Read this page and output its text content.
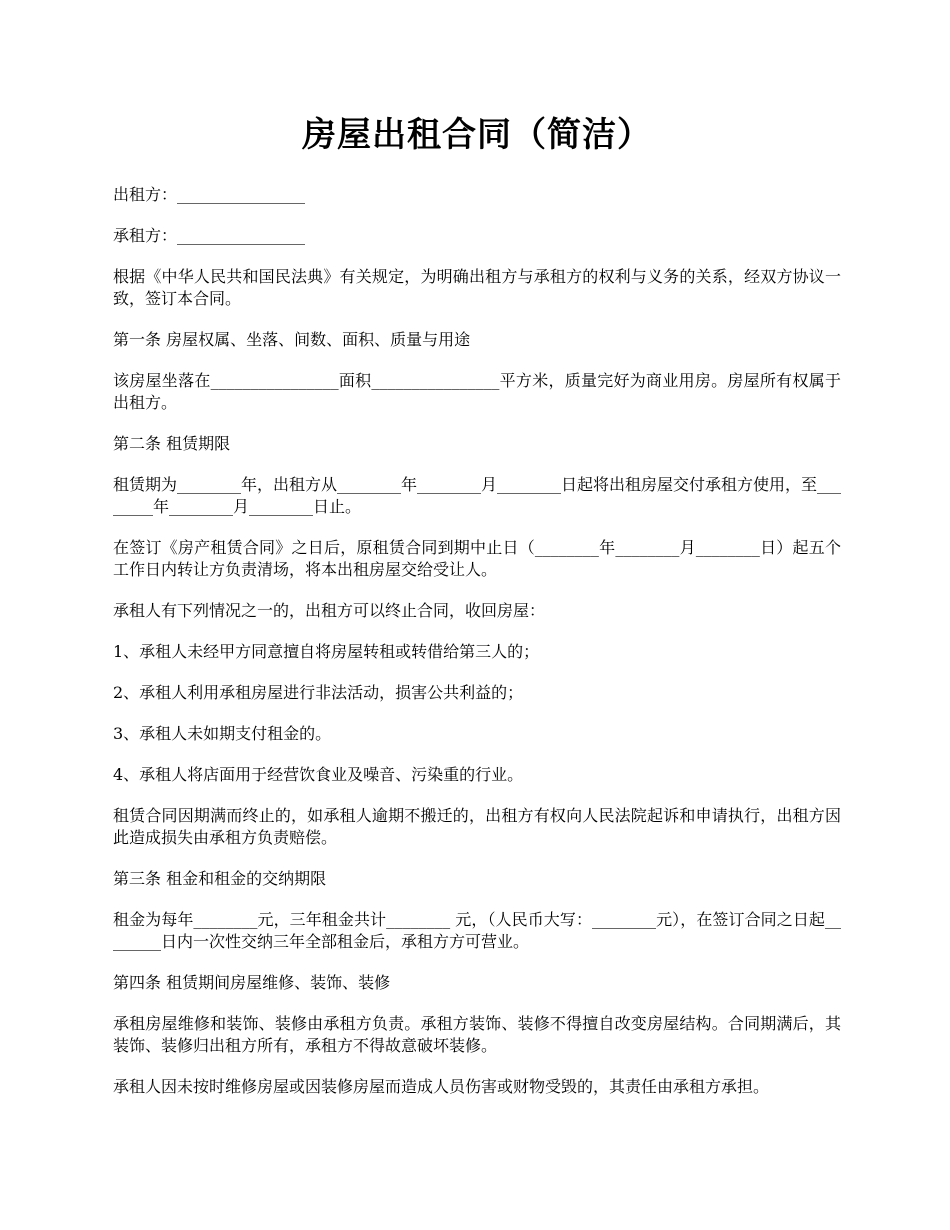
房屋出租合同（简洁）

出租方：________________

承租方：________________

根据《中华人民共和国民法典》有关规定，为明确出租方与承租方的权利与义务的关系，经双方协议一致，签订本合同。

第一条 房屋权属、坐落、间数、面积、质量与用途

该房屋坐落在________________面积________________平方米，质量完好为商业用房。房屋所有权属于出租方。

第二条 租赁期限

租赁期为________年，出租方从________年________月________日起将出租房屋交付承租方使用，至________年________月________日止。

在签订《房产租赁合同》之日后，原租赁合同到期中止日（________年________月________日）起五个工作日内转让方负责清场，将本出租房屋交给受让人。

承租人有下列情况之一的，出租方可以终止合同，收回房屋：

1、承租人未经甲方同意擅自将房屋转租或转借给第三人的；

2、承租人利用承租房屋进行非法活动，损害公共利益的；

3、承租人未如期支付租金的。

4、承租人将店面用于经营饮食业及噪音、污染重的行业。

租赁合同因期满而终止的，如承租人逾期不搬迁的，出租方有权向人民法院起诉和申请执行，出租方因此造成损失由承租方负责赔偿。

第三条 租金和租金的交纳期限

租金为每年________元，三年租金共计________ 元，（人民币大写：________元），在签订合同之日起________日内一次性交纳三年全部租金后，承租方方可营业。

第四条 租赁期间房屋维修、装饰、装修

承租房屋维修和装饰、装修由承租方负责。承租方装饰、装修不得擅自改变房屋结构。合同期满后，其装饰、装修归出租方所有，承租方不得故意破坏装修。

承租人因未按时维修房屋或因装修房屋而造成人员伤害或财物受毁的，其责任由承租方承担。
